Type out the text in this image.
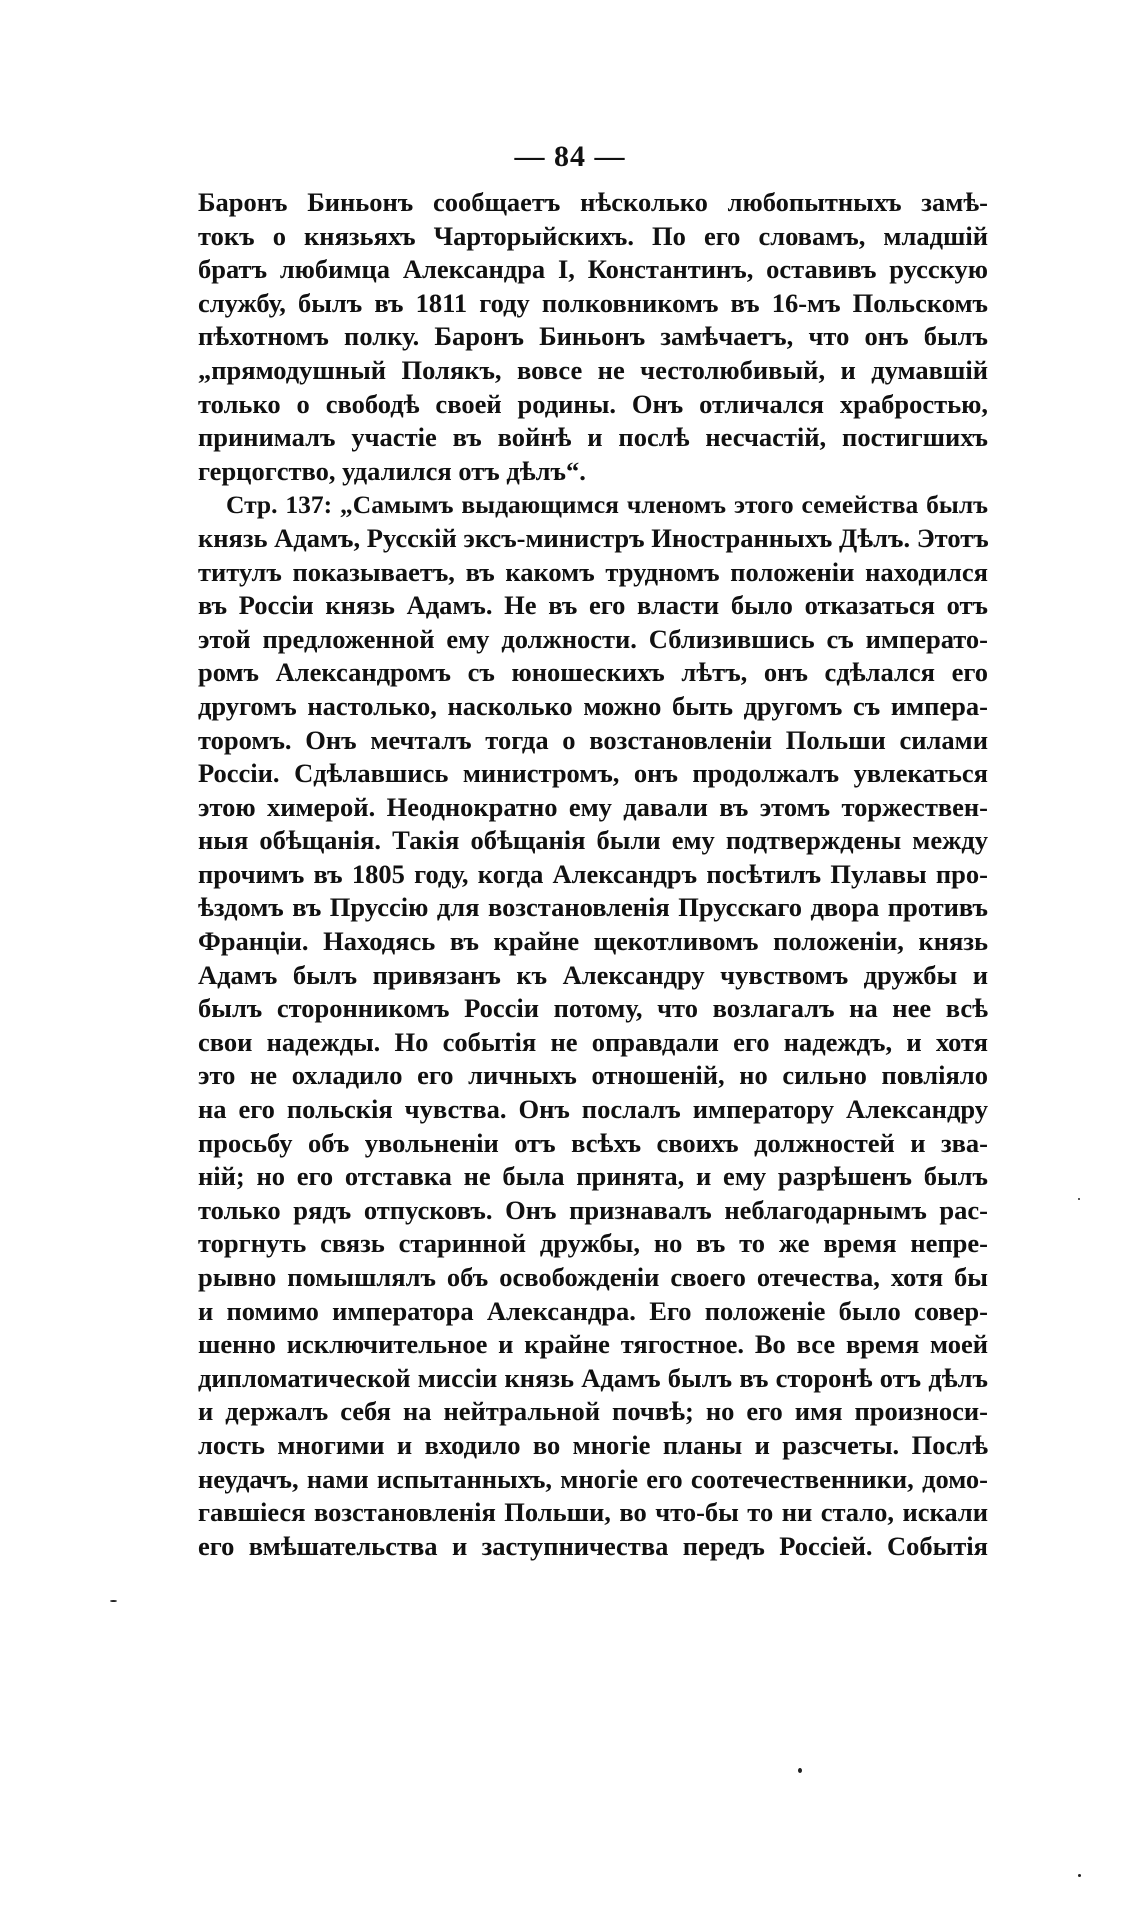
— 84 —
Баронъ Биньонъ сообщаетъ нѣсколько любопытныхъ замѣ-
токъ о князьяхъ Чарторыйскихъ. По его словамъ, младшій
братъ любимца Александра I, Константинъ, оставивъ русскую
службу, былъ въ 1811 году полковникомъ въ 16-мъ Польскомъ
пѣхотномъ полку. Баронъ Биньонъ замѣчаетъ, что онъ былъ
„прямодушный Полякъ, вовсе не честолюбивый, и думавшій
только о свободѣ своей родины. Онъ отличался храбростью,
принималъ участіе въ войнѣ и послѣ несчастій, постигшихъ
герцогство, удалился отъ дѣлъ“.
Стр. 137: „Самымъ выдающимся членомъ этого семейства былъ
князь Адамъ, Русскій эксъ-министръ Иностранныхъ Дѣлъ. Этотъ
титулъ показываетъ, въ какомъ трудномъ положеніи находился
въ Россіи князь Адамъ. Не въ его власти было отказаться отъ
этой предложенной ему должности. Сблизившись съ императо-
ромъ Александромъ съ юношескихъ лѣтъ, онъ сдѣлался его
другомъ настолько, насколько можно быть другомъ съ импера-
торомъ. Онъ мечталъ тогда о возстановленіи Польши силами
Россіи. Сдѣлавшись министромъ, онъ продолжалъ увлекаться
этою химерой. Неоднократно ему давали въ этомъ торжествен-
ныя обѣщанія. Такія обѣщанія были ему подтверждены между
прочимъ въ 1805 году, когда Александръ посѣтилъ Пулавы про-
ѣздомъ въ Пруссію для возстановленія Прусскаго двора противъ
Франціи. Находясь въ крайне щекотливомъ положеніи, князь
Адамъ былъ привязанъ къ Александру чувствомъ дружбы и
былъ сторонникомъ Россіи потому, что возлагалъ на нее всѣ
свои надежды. Но событія не оправдали его надеждъ, и хотя
это не охладило его личныхъ отношеній, но сильно повліяло
на его польскія чувства. Онъ послалъ императору Александру
просьбу объ увольненіи отъ всѣхъ своихъ должностей и зва-
ній; но его отставка не была принята, и ему разрѣшенъ былъ
только рядъ отпусковъ. Онъ признавалъ неблагодарнымъ рас-
торгнуть связь старинной дружбы, но въ то же время непре-
рывно помышлялъ объ освобожденіи своего отечества, хотя бы
и помимо императора Александра. Его положеніе было совер-
шенно исключительное и крайне тягостное. Во все время моей
дипломатической миссіи князь Адамъ былъ въ сторонѣ отъ дѣлъ
и держалъ себя на нейтральной почвѣ; но его имя произноси-
лость многими и входило во многіе планы и разсчеты. Послѣ
неудачъ, нами испытанныхъ, многіе его соотечественники, домо-
гавшіеся возстановленія Польши, во что-бы то ни стало, искали
его вмѣшательства и заступничества передъ Россіей. Событія
